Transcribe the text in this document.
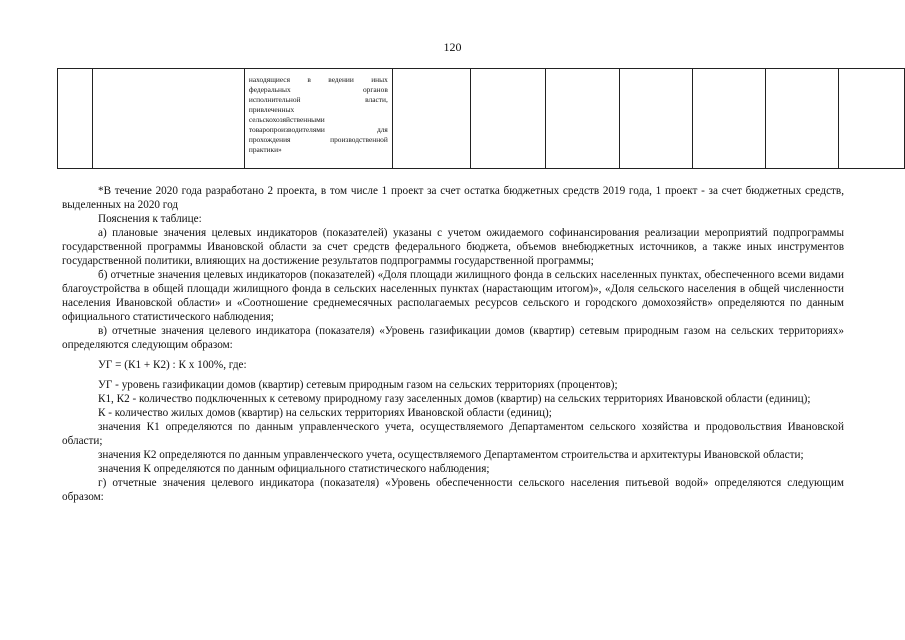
120

находящиеся в ведении иных
федеральных органов
исполнительной власти,
привлеченных
сельскохозяйственными
товаропроизводителями для
прохождения производственной
практики»

*В течение 2020 года разработано 2 проекта, в том числе 1 проект за счет остатка бюджетных средств 2019 года, 1 проект - за счет бюджетных средств, выделенных на 2020 год

Пояснения к таблице:

а) плановые значения целевых индикаторов (показателей) указаны с учетом ожидаемого софинансирования реализации мероприятий подпрограммы государственной программы Ивановской области за счет средств федерального бюджета, объемов внебюджетных источников, а также иных инструментов государственной политики, влияющих на достижение результатов подпрограммы государственной программы;

б) отчетные значения целевых индикаторов (показателей) «Доля площади жилищного фонда в сельских населенных пунктах, обеспеченного всеми видами благоустройства в общей площади жилищного фонда в сельских населенных пунктах (нарастающим итогом)», «Доля сельского населения в общей численности населения Ивановской области» и «Соотношение среднемесячных располагаемых ресурсов сельского и городского домохозяйств» определяются по данным официального статистического наблюдения;

в) отчетные значения целевого индикатора (показателя) «Уровень газификации домов (квартир) сетевым природным газом на сельских территориях» определяются следующим образом:

УГ = (К1 + К2) : К х 100%, где:

УГ - уровень газификации домов (квартир) сетевым природным газом на сельских территориях (процентов);

К1, К2 - количество подключенных к сетевому природному газу заселенных домов (квартир) на сельских территориях Ивановской области (единиц);

К - количество жилых домов (квартир) на сельских территориях Ивановской области (единиц);

значения К1 определяются по данным управленческого учета, осуществляемого Департаментом сельского хозяйства и продовольствия Ивановской области;

значения К2 определяются по данным управленческого учета, осуществляемого Департаментом строительства и архитектуры Ивановской области;

значения К определяются по данным официального статистического наблюдения;

г) отчетные значения целевого индикатора (показателя) «Уровень обеспеченности сельского населения питьевой водой» определяются следующим образом:
